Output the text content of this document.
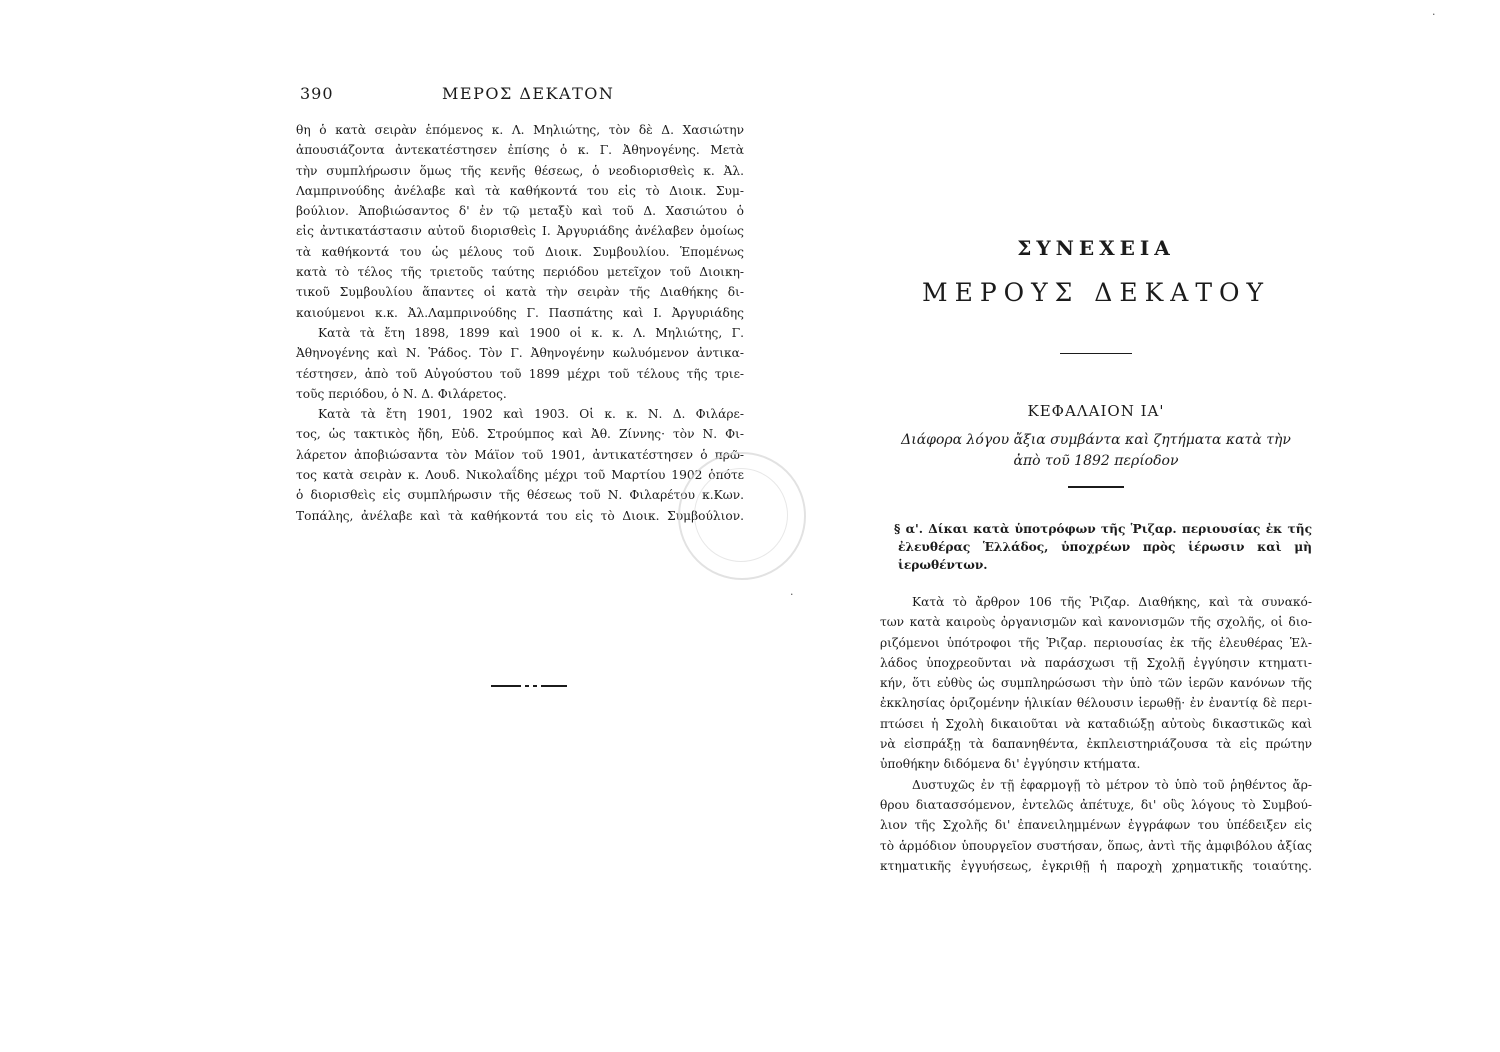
390	ΜΕΡΟΣ ΔΕΚΑΤΟΝ

θη ὁ κατὰ σειρὰν ἑπόμενος κ. Λ. Μηλιώτης, τὸν δὲ Δ. Χασιώτην

ἀπουσιάζοντα ἀντεκατέστησεν ἐπίσης ὁ κ. Γ. Ἀθηνογένης. Μετὰ

τὴν συμπλήρωσιν ὅμως τῆς κενῆς θέσεως, ὁ νεοδιορισθεὶς κ. Ἀλ.

Λαμπρινούδης ἀνέλαβε καὶ τὰ καθήκοντά του εἰς τὸ Διοικ. Συμ-

βούλιον. Ἀποβιώσαντος δ' ἐν τῷ μεταξὺ καὶ τοῦ Δ. Χασιώτου ὁ

εἰς ἀντικατάστασιν αὐτοῦ διορισθεὶς Ι. Ἀργυριάδης ἀνέλαβεν ὁμοίως

τὰ καθήκοντά του ὡς μέλους τοῦ Διοικ. Συμβουλίου. Ἑπομένως

κατὰ τὸ τέλος τῆς τριετοῦς ταύτης περιόδου μετεῖχον τοῦ Διοικη-

τικοῦ Συμβουλίου ἅπαντες οἱ κατὰ τὴν σειρὰν τῆς Διαθήκης δι-

καιούμενοι κ.κ. Ἀλ.Λαμπρινούδης Γ. Πασπάτης καὶ Ι. Ἀργυριάδης

Κατὰ τὰ ἔτη 1898, 1899 καὶ 1900 οἱ κ. κ. Λ. Μηλιώτης, Γ.

Ἀθηνογένης καὶ Ν. Ῥάδος. Τὸν Γ. Ἀθηνογένην κωλυόμενον ἀντικα-

τέστησεν, ἀπὸ τοῦ Αὐγούστου τοῦ 1899 μέχρι τοῦ τέλους τῆς τριε-

τοῦς περιόδου, ὁ Ν. Δ. Φιλάρετος.

Κατὰ τὰ ἔτη 1901, 1902 καὶ 1903. Οἱ κ. κ. Ν. Δ. Φιλάρε-

τος, ὡς τακτικὸς ἤδη, Εὐδ. Στρούμπος καὶ Ἀθ. Ζίννης· τὸν Ν. Φι-

λάρετον ἀποβιώσαντα τὸν Μάϊον τοῦ 1901, ἀντικατέστησεν ὁ πρῶ-

τος κατὰ σειρὰν κ. Λουδ. Νικολαΐδης μέχρι τοῦ Μαρτίου 1902 ὁπότε

ὁ διορισθεὶς εἰς συμπλήρωσιν τῆς θέσεως τοῦ Ν. Φιλαρέτου κ.Κων.

Τοπάλης, ἀνέλαβε καὶ τὰ καθήκοντά του εἰς τὸ Διοικ. Συμβούλιον.

ΣΥΝΕΧΕΙΑ
ΜΕΡΟΥΣ ΔΕΚΑΤΟΥ
ΚΕΦΑΛΑΙΟΝ ΙΑ'
Διάφορα λόγου ἄξια συμβάντα καὶ ζητήματα κατὰ τὴν
ἀπὸ τοῦ 1892 περίοδον
§ α'. Δίκαι κατὰ ὑποτρόφων τῆς Ῥιζαρ. περιουσίας ἐκ τῆς ἐλευθέρας Ἑλλάδος, ὑποχρέων πρὸς ἱέρωσιν καὶ μὴ ἱερωθέντων.

Κατὰ τὸ ἄρθρον 106 τῆς Ῥιζαρ. Διαθήκης, καὶ τὰ συνακό-

των κατὰ καιροὺς ὀργανισμῶν καὶ κανονισμῶν τῆς σχολῆς, οἱ διο-

ριζόμενοι ὑπότροφοι τῆς Ῥιζαρ. περιουσίας ἐκ τῆς ἐλευθέρας Ἑλ-

λάδος ὑποχρεοῦνται νὰ παράσχωσι τῇ Σχολῇ ἐγγύησιν κτηματι-

κήν, ὅτι εὐθὺς ὡς συμπληρώσωσι τὴν ὑπὸ τῶν ἱερῶν κανόνων τῆς

ἐκκλησίας ὁριζομένην ἡλικίαν θέλουσιν ἱερωθῇ· ἐν ἐναντίᾳ δὲ περι-

πτώσει ἡ Σχολὴ δικαιοῦται νὰ καταδιώξῃ αὐτοὺς δικαστικῶς καὶ

νὰ εἰσπράξῃ τὰ δαπανηθέντα, ἐκπλειστηριάζουσα τὰ εἰς πρώτην

ὑποθήκην διδόμενα δι' ἐγγύησιν κτήματα.

Δυστυχῶς ἐν τῇ ἐφαρμογῇ τὸ μέτρον τὸ ὑπὸ τοῦ ῥηθέντος ἄρ-

θρου διατασσόμενον, ἐντελῶς ἀπέτυχε, δι' οὓς λόγους τὸ Συμβού-

λιον τῆς Σχολῆς δι' ἐπανειλημμένων ἐγγράφων του ὑπέδειξεν εἰς

τὸ ἁρμόδιον ὑπουργεῖον συστήσαν, ὅπως, ἀντὶ τῆς ἀμφιβόλου ἀξίας

κτηματικῆς ἐγγυήσεως, ἐγκριθῇ ἡ παροχὴ χρηματικῆς τοιαύτης.

·
·
